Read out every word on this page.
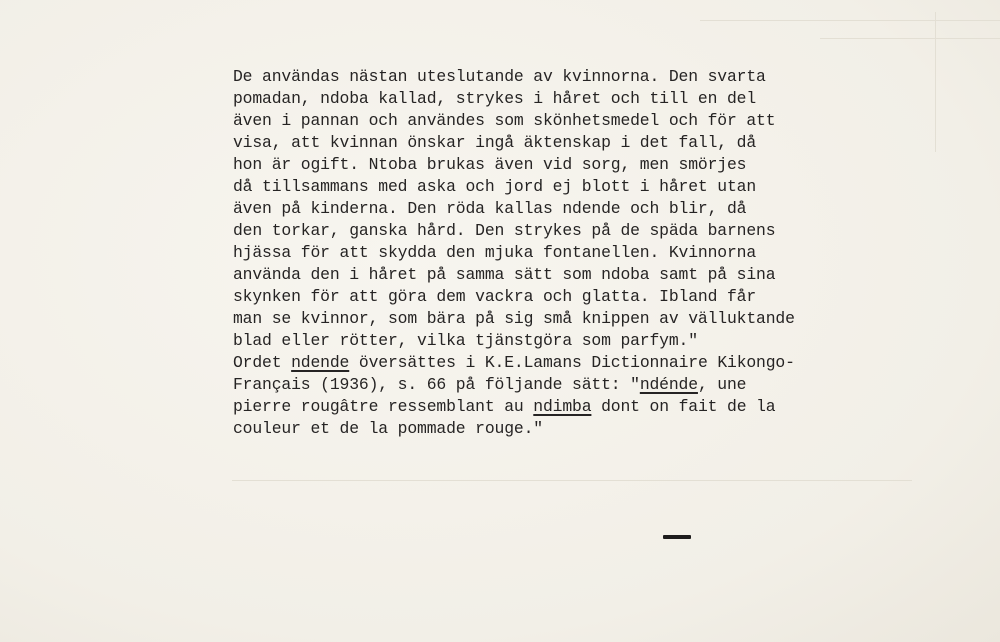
De användas nästan uteslutande av kvinnorna. Den svarta
pomadan, ndoba kallad, strykes i håret och till en del
även i pannan och användes som skönhetsmedel och för att
visa, att kvinnan önskar ingå äktenskap i det fall, då
hon är ogift. Ntoba brukas även vid sorg, men smörjes
då tillsammans med aska och jord ej blott i håret utan
även på kinderna. Den röda kallas ndende och blir, då
den torkar, ganska hård. Den strykes på de späda barnens
hjässa för att skydda den mjuka fontanellen. Kvinnorna
använda den i håret på samma sätt som ndoba samt på sina
skynken för att göra dem vackra och glatta. Ibland får
man se kvinnor, som bära på sig små knippen av välluktande
blad eller rötter, vilka tjänstgöra som parfym."
Ordet ndende översättes i K.E.Lamans Dictionnaire Kikongo-
Français (1936), s. 66 på följande sätt: "ndénde, une
pierre rougâtre ressemblant au ndimba dont on fait de la
couleur et de la pommade rouge."
